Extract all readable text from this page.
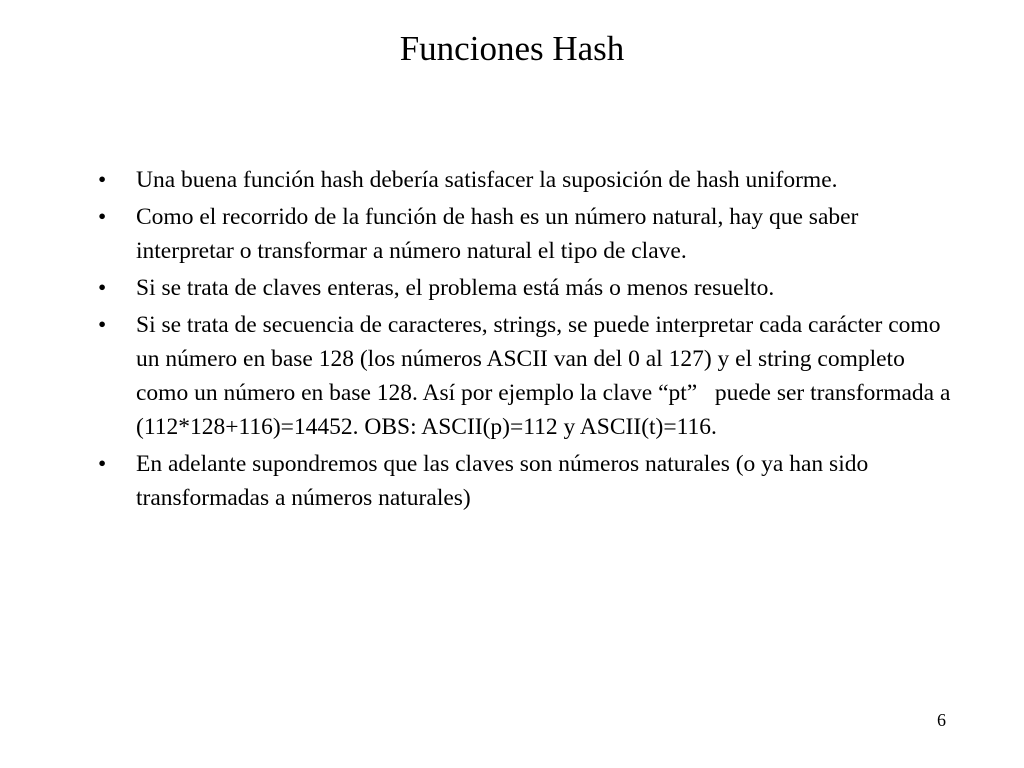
Funciones Hash
•	Una buena función hash debería satisfacer la suposición de hash uniforme.
•	Como el recorrido de la función de hash es un número natural, hay que saber interpretar o transformar a número natural el tipo de clave.
•	Si se trata de claves enteras, el problema está más o menos resuelto.
•	Si se trata de secuencia de caracteres, strings, se puede interpretar cada carácter como un número en base 128 (los números ASCII van del 0 al 127) y el string completo como un número en base 128. Así por ejemplo la clave “pt”   puede ser transformada a (112*128+116)=14452. OBS: ASCII(p)=112 y ASCII(t)=116.
•	En adelante supondremos que las claves son números naturales (o ya han sido transformadas a números naturales)
6
